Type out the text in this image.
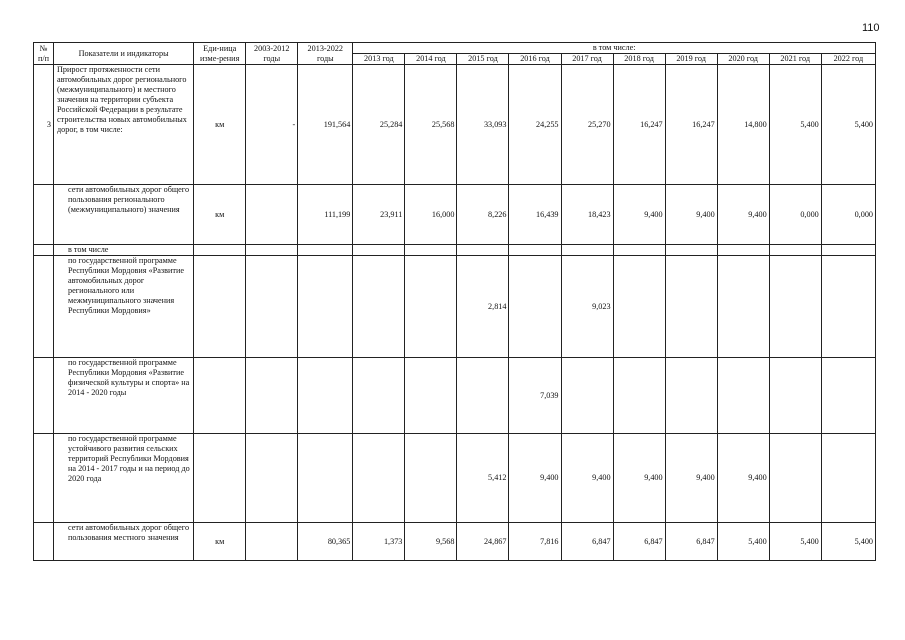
110
№ п/п	Показатели и индикаторы	Еди-ница изме-рения	2003-2012 годы	2013-2022 годы	в том числе:									
					2013 год	2014 год	2015 год	2016 год	2017 год	2018 год	2019 год	2020 год	2021 год	2022 год
3	Прирост протяженности сети автомобильных дорог регионального (межмуниципального) и местного значения на территории субъекта Российской Федерации в результате строительства новых автомобильных дорог, в том числе:	км	-	191,564	25,284	25,568	33,093	24,255	25,270	16,247	16,247	14,800	5,400	5,400
	сети автомобильных дорог общего пользования регионального (межмуниципального) значения	км		111,199	23,911	16,000	8,226	16,439	18,423	9,400	9,400	9,400	0,000	0,000
	в том числе													
	по государственной программе Республики Мордовия «Развитие автомобильных дорог регионального или межмуниципального значения Республики Мордовия»						2,814		9,023					
	по государственной программе Республики Мордовия «Развитие физической культуры и спорта» на 2014 - 2020 годы							7,039						
	по государственной программе устойчивого развития сельских территорий Республики Мордовия на 2014 - 2017 годы и на период до 2020 года						5,412	9,400	9,400	9,400	9,400	9,400		
	сети автомобильных дорог общего пользования местного значения	км		80,365	1,373	9,568	24,867	7,816	6,847	6,847	6,847	5,400	5,400	5,400
